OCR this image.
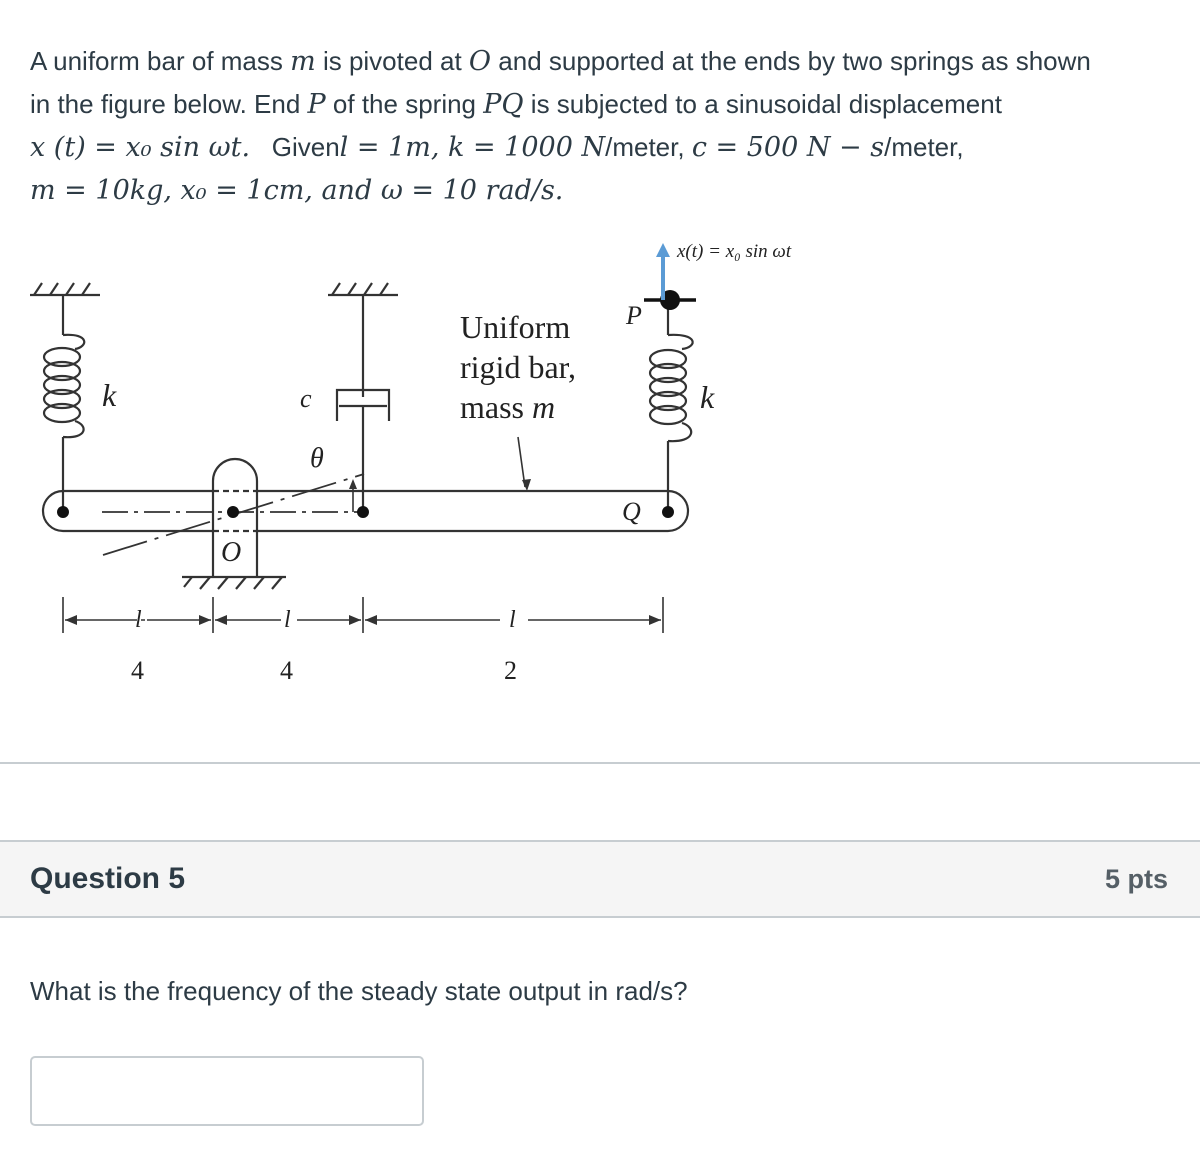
A uniform bar of mass m is pivoted at O and supported at the ends by two springs as shown
in the figure below. End P of the spring PQ is subjected to a sinusoidal displacement
x (t) = x₀ sin ωt.   Givenl = 1m, k = 1000 N/meter, c = 500 N − s/meter,
m = 10kg, x₀ = 1cm, and ω = 10 rad/s.
x(t) = x₀ sin ωt
Uniform
rigid bar,
mass m
k	k
c
θ
O
P
Q
l
4
l
4
l
2
Question 5	5 pts
What is the frequency of the steady state output in rad/s?
